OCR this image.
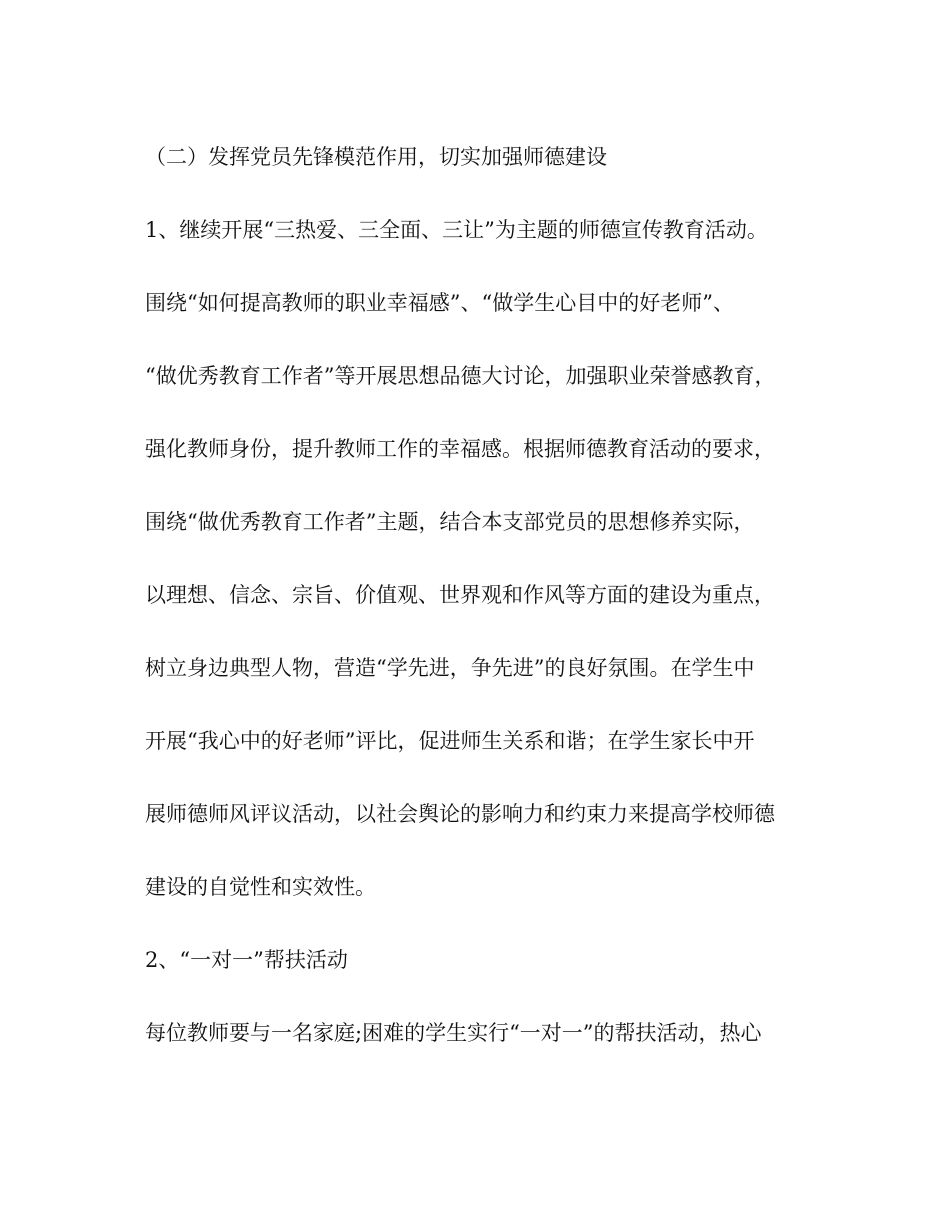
（二）发挥党员先锋模范作用，切实加强师德建设
1、继续开展“三热爱、三全面、三让”为主题的师德宣传教育活动。
围绕“如何提高教师的职业幸福感”、“做学生心目中的好老师”、
“做优秀教育工作者”等开展思想品德大讨论，加强职业荣誉感教育，
强化教师身份，提升教师工作的幸福感。根据师德教育活动的要求，
围绕“做优秀教育工作者”主题，结合本支部党员的思想修养实际，
以理想、信念、宗旨、价值观、世界观和作风等方面的建设为重点，
树立身边典型人物，营造“学先进，争先进”的良好氛围。在学生中
开展“我心中的好老师”评比，促进师生关系和谐；在学生家长中开
展师德师风评议活动，以社会舆论的影响力和约束力来提高学校师德
建设的自觉性和实效性。
2、“一对一”帮扶活动
每位教师要与一名家庭;困难的学生实行“一对一”的帮扶活动，热心
